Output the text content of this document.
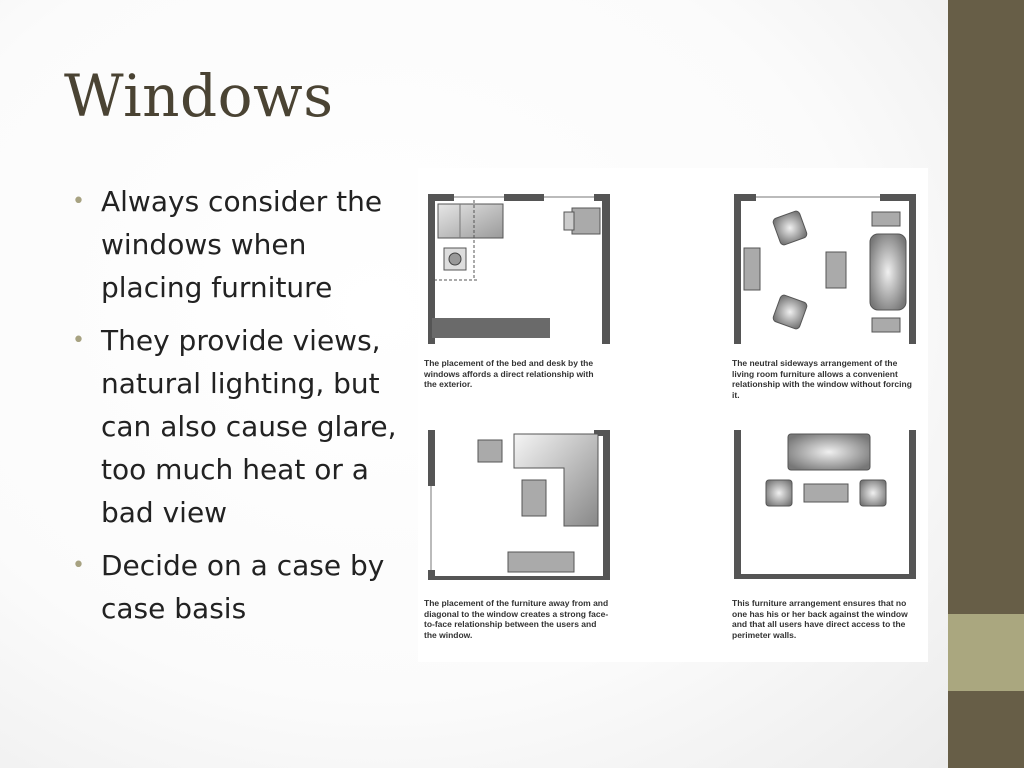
Windows
• Always consider the windows when placing furniture
• They provide views, natural lighting, but can also cause glare, too much heat or a bad view
• Decide on a case by case basis

The placement of the bed and desk by the windows affords a direct relationship with the exterior.

The neutral sideways arrangement of the living room furniture allows a convenient relationship with the window without forcing it.

The placement of the furniture away from and diagonal to the window creates a strong face-to-face relationship between the users and the window.

This furniture arrangement ensures that no one has his or her back against the window and that all users have direct access to the perimeter walls.
